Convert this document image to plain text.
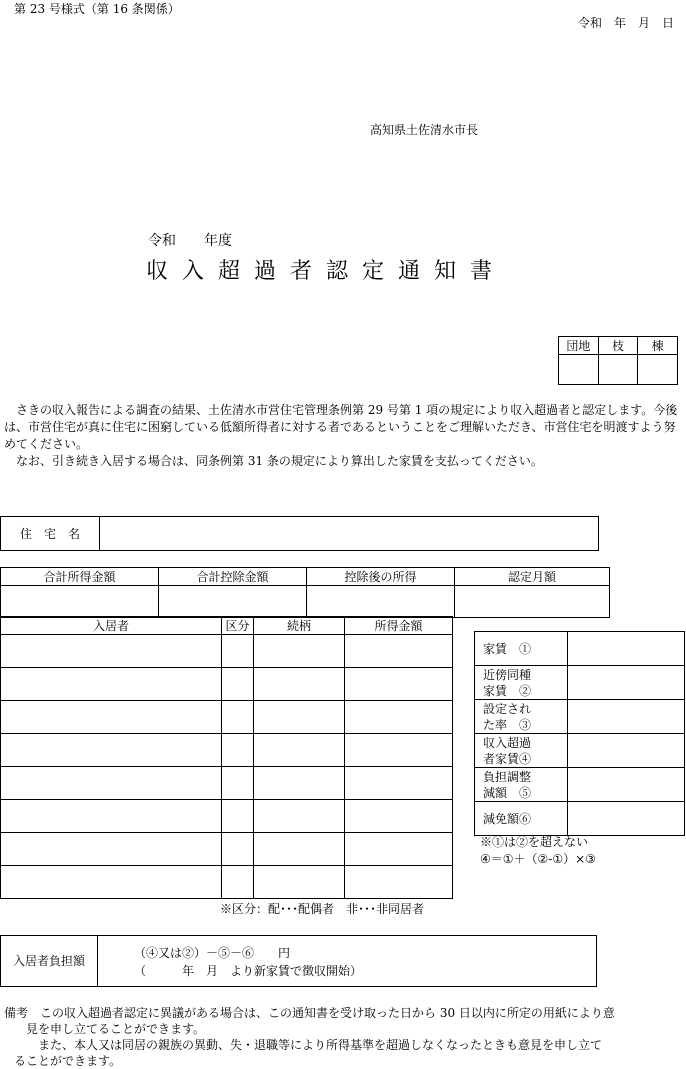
第 23 号様式（第 16 条関係）
令和　年　月　日
高知県土佐清水市長
令和　　年度
収入超過者認定通知書
団地	枝	棟

　さきの収入報告による調査の結果、土佐清水市営住宅管理条例第 29 号第 1 項の規定により収入超過者と認定します。今後は、市営住宅が真に住宅に困窮している低額所得者に対する者であるということをご理解いただき、市営住宅を明渡すよう努めてください。
　なお、引き続き入居する場合は、同条例第 31 条の規定により算出した家賃を支払ってください。
住　宅　名	
合計所得金額	合計控除金額	控除後の所得	認定月額

入居者	区分	続柄	所得金額

※区分：配･･･配偶者　非･･･非同居者
家賃　①	
近傍同種
家賃　②	
設定され
た率　③	
収入超過
者家賃④	
負担調整
減額　⑤	
減免額⑥	
※①は②を超えない
④＝①＋（②-①）×③
入居者負担額
（④又は②）－⑤－⑥　　円
（　　　年　月　より新家賃で徴収開始）
備考　この収入超過者認定に異議がある場合は、この通知書を受け取った日から 30 日以内に所定の用紙により意
見を申し立てることができます。
　また、本人又は同居の親族の異動、失・退職等により所得基準を超過しなくなったときも意見を申し立て
ることができます。
